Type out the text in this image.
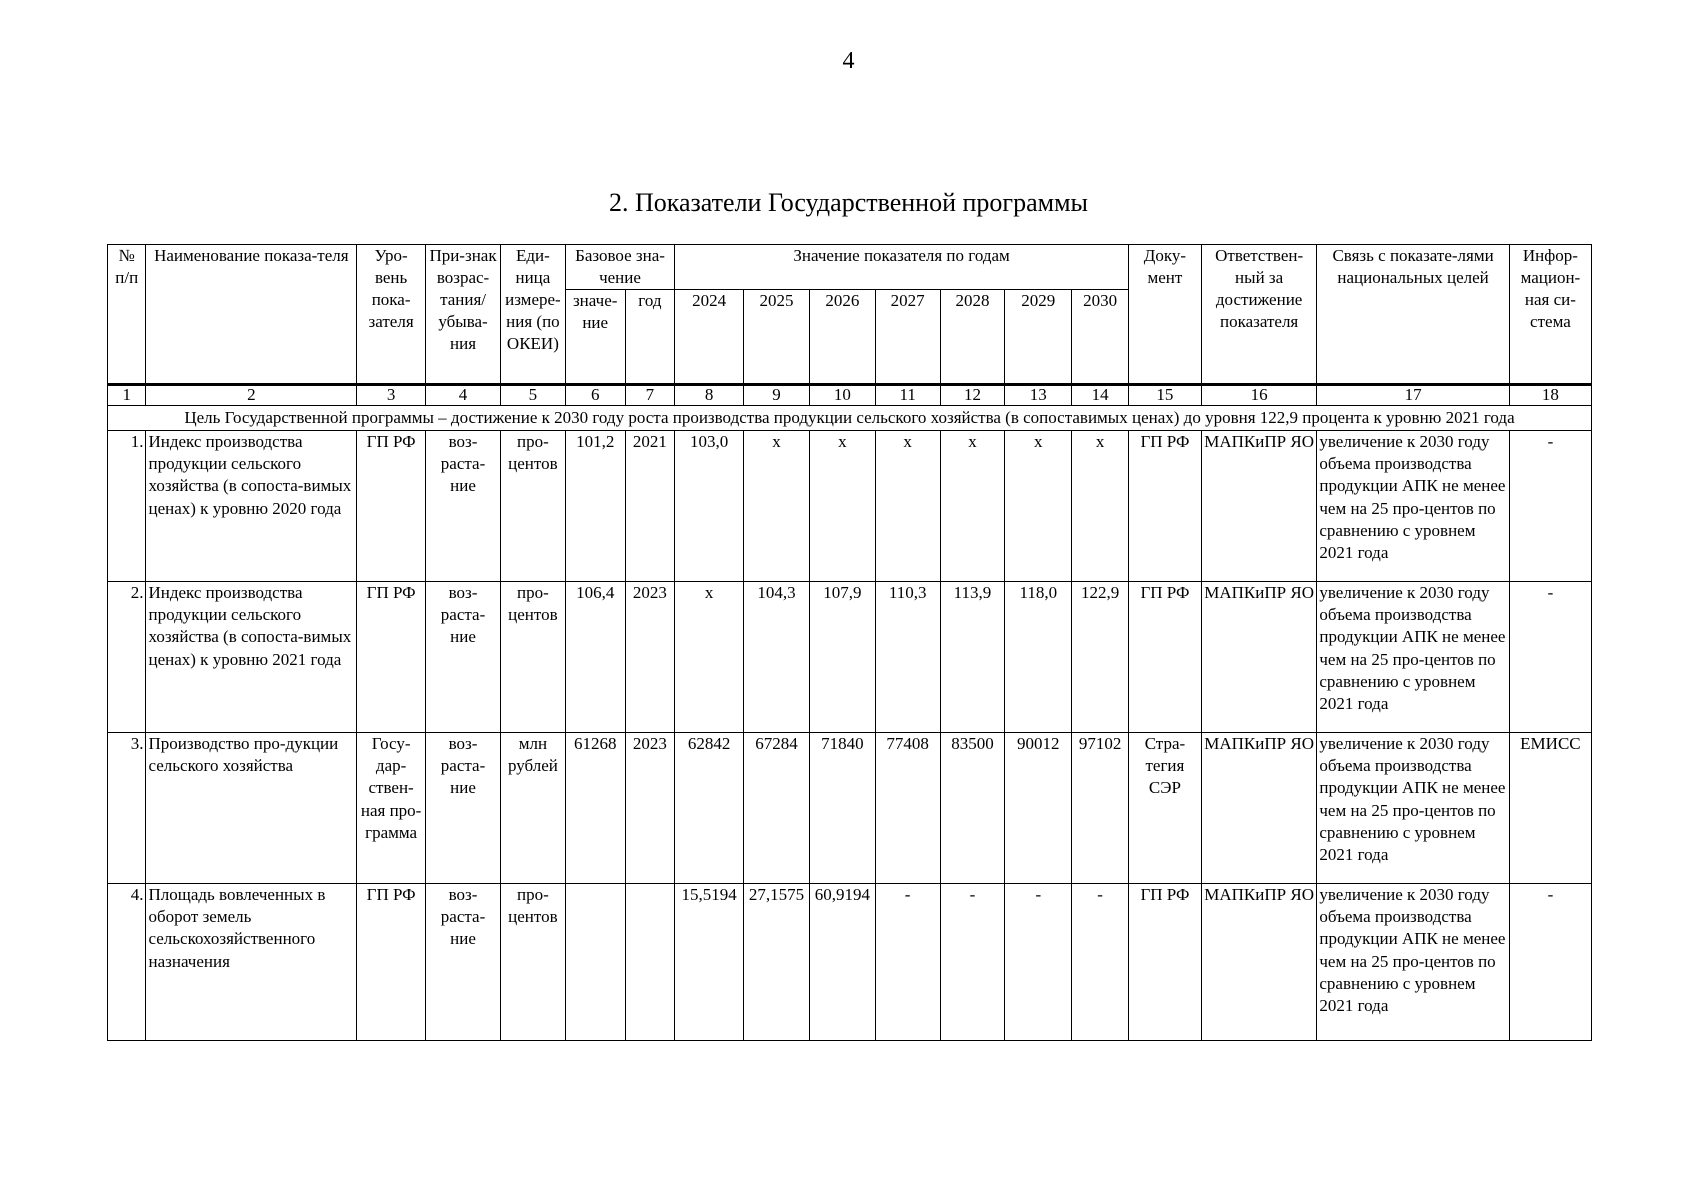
4
2. Показатели Государственной программы
№ п/п	Наименование показа-теля	Уро-вень пока-зателя	При-знак возрас-тания/ убыва-ния	Еди-ница измере-ния (по ОКЕИ)	Базовое зна-чение		Значение показателя по годам							Доку-мент	Ответствен-ный за достижение показателя	Связь с показате-лями национальных целей	Инфор-мацион-ная си-стема
					значе-ние	год	2024	2025	2026	2027	2028	2029	2030				
1	2	3	4	5	6	7	8	9	10	11	12	13	14	15	16	17	18
Цель Государственной программы – достижение к 2030 году роста производства продукции сельского хозяйства (в сопоставимых ценах) до уровня 122,9 процента к уровню 2021 года																	
1.	Индекс производства продукции сельского хозяйства (в сопоста-вимых ценах) к уровню 2020 года	ГП РФ	воз-раста-ние	про-центов	101,2	2021	103,0	x	x	x	x	x	x	ГП РФ	МАПКиПР ЯО	увеличение к 2030 году объема производства продукции АПК не менее чем на 25 про-центов по сравнению с уровнем 2021 года	-
2.	Индекс производства продукции сельского хозяйства (в сопоста-вимых ценах) к уровню 2021 года	ГП РФ	воз-раста-ние	про-центов	106,4	2023	x	104,3	107,9	110,3	113,9	118,0	122,9	ГП РФ	МАПКиПР ЯО	увеличение к 2030 году объема производства продукции АПК не менее чем на 25 про-центов по сравнению с уровнем 2021 года	-
3.	Производство про-дукции сельского хозяйства	Госу-дар-ствен-ная про-грамма	воз-раста-ние	млн рублей	61268	2023	62842	67284	71840	77408	83500	90012	97102	Стра-тегия СЭР	МАПКиПР ЯО	увеличение к 2030 году объема производства продукции АПК не менее чем на 25 про-центов по сравнению с уровнем 2021 года	ЕМИСС
4.	Площадь вовлеченных в оборот земель сельскохозяйственного назначения	ГП РФ	воз-раста-ние	про-центов			15,5194	27,1575	60,9194	-	-	-	-	ГП РФ	МАПКиПР ЯО	увеличение к 2030 году объема производства продукции АПК не менее чем на 25 про-центов по сравнению с уровнем 2021 года	-
